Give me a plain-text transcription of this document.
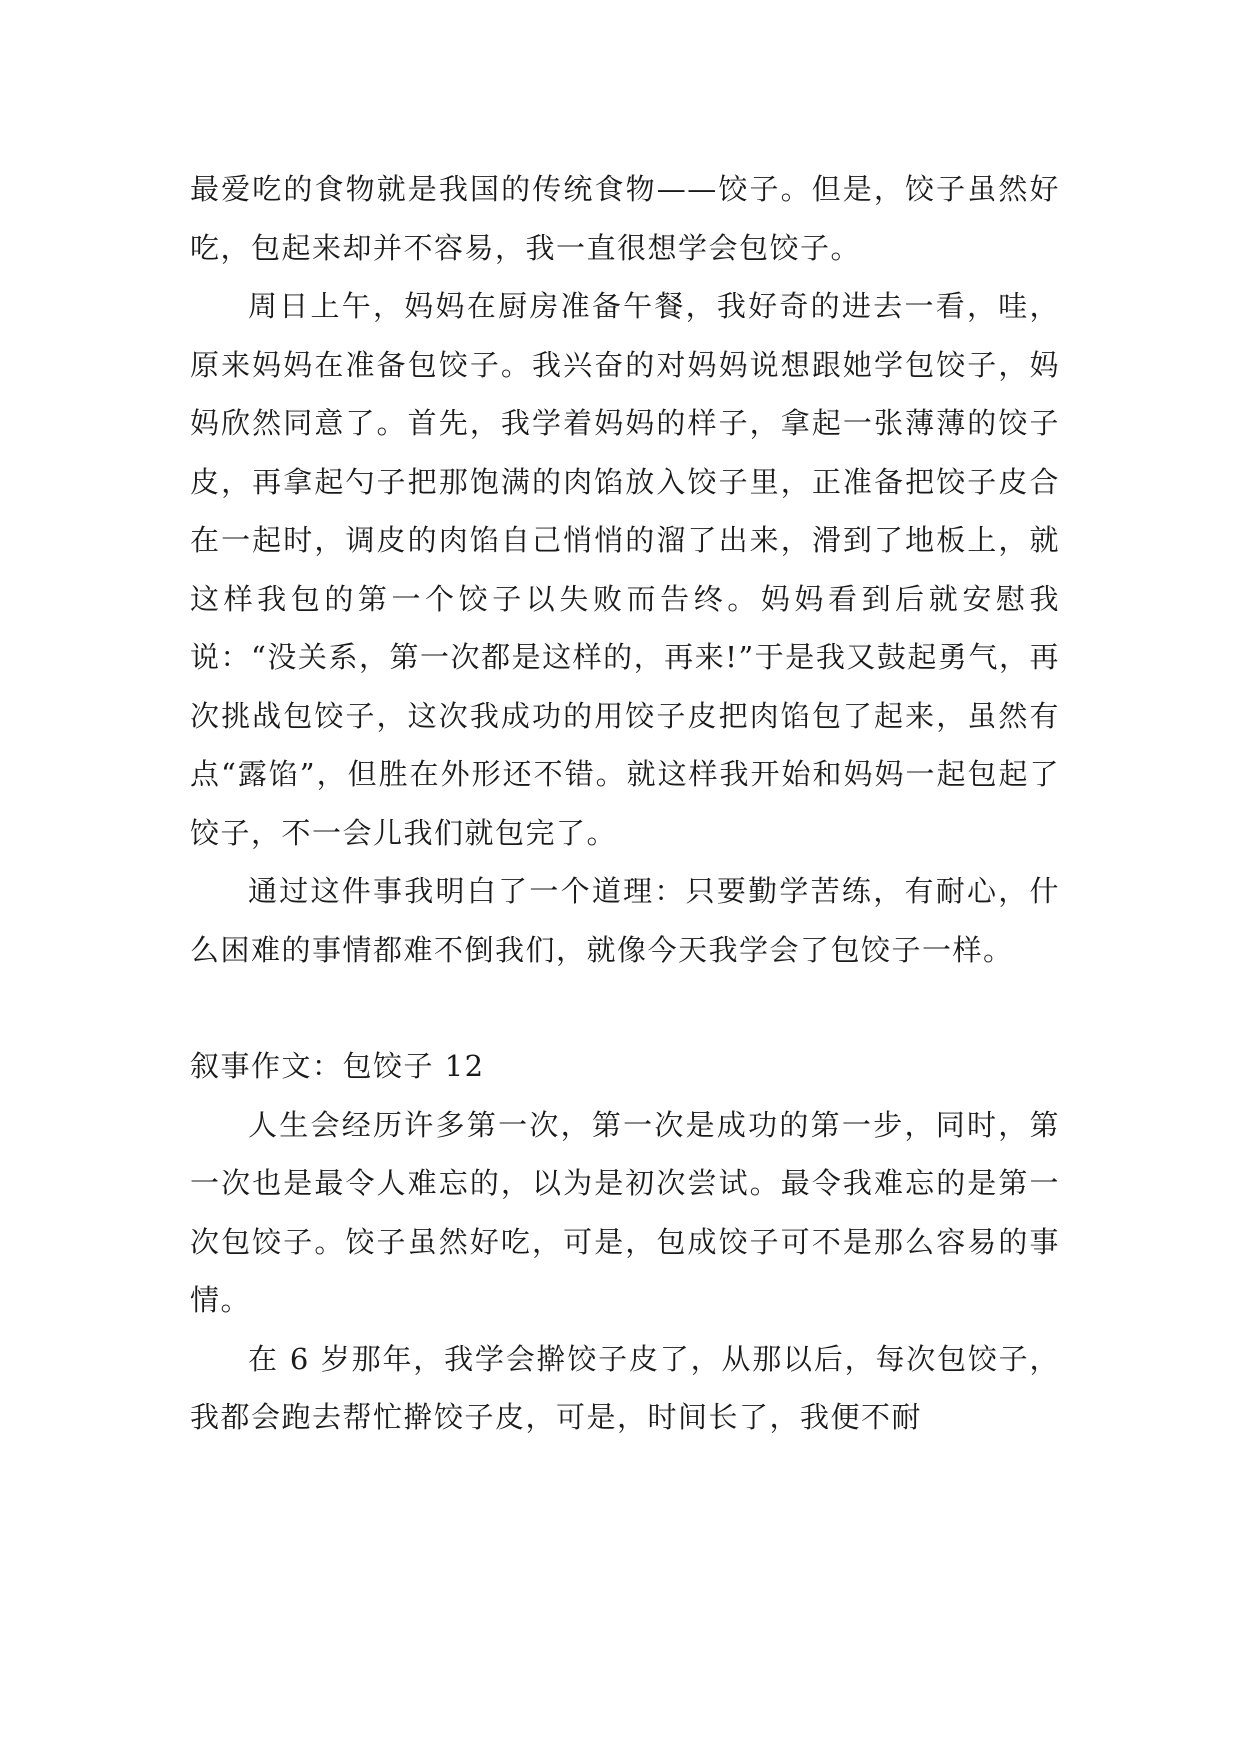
最爱吃的食物就是我国的传统食物——饺子。但是，饺子虽然好吃，包起来却并不容易，我一直很想学会包饺子。

周日上午，妈妈在厨房准备午餐，我好奇的进去一看，哇，原来妈妈在准备包饺子。我兴奋的对妈妈说想跟她学包饺子，妈妈欣然同意了。首先，我学着妈妈的样子，拿起一张薄薄的饺子皮，再拿起勺子把那饱满的肉馅放入饺子里，正准备把饺子皮合在一起时，调皮的肉馅自己悄悄的溜了出来，滑到了地板上，就这样我包的第一个饺子以失败而告终。妈妈看到后就安慰我说：“没关系，第一次都是这样的，再来!”于是我又鼓起勇气，再次挑战包饺子，这次我成功的用饺子皮把肉馅包了起来，虽然有点“露馅”，但胜在外形还不错。就这样我开始和妈妈一起包起了饺子，不一会儿我们就包完了。

通过这件事我明白了一个道理：只要勤学苦练，有耐心，什么困难的事情都难不倒我们，就像今天我学会了包饺子一样。

叙事作文：包饺子 12

人生会经历许多第一次，第一次是成功的第一步，同时，第一次也是最令人难忘的，以为是初次尝试。最令我难忘的是第一次包饺子。饺子虽然好吃，可是，包成饺子可不是那么容易的事情。

在 6 岁那年，我学会擀饺子皮了，从那以后，每次包饺子，我都会跑去帮忙擀饺子皮，可是，时间长了，我便不耐
